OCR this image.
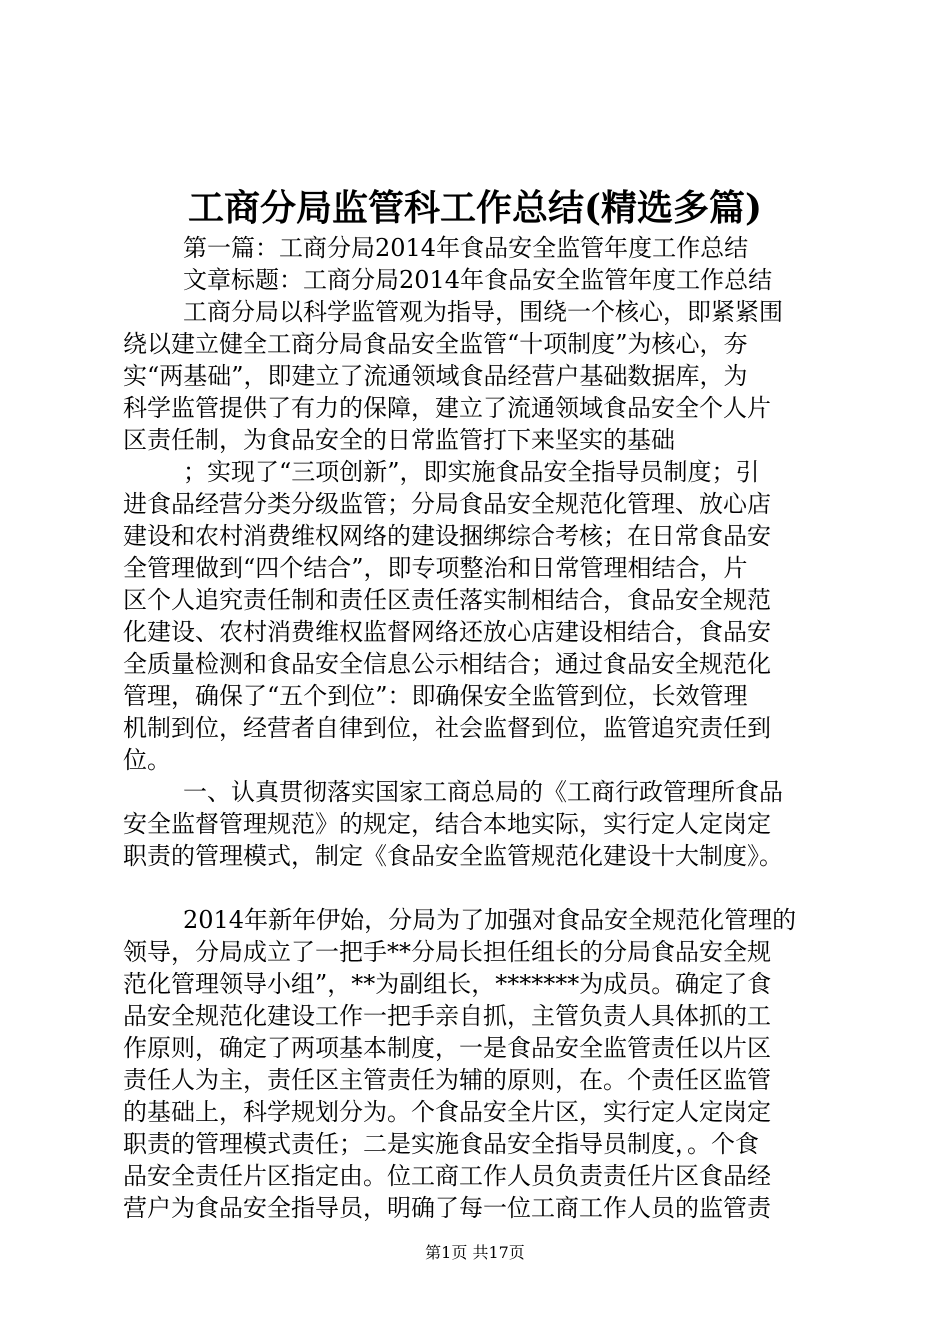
工商分局监管科工作总结(精选多篇)
第一篇：工商分局2014年食品安全监管年度工作总结
文章标题：工商分局2014年食品安全监管年度工作总结
工商分局以科学监管观为指导，围绕一个核心，即紧紧围
绕以建立健全工商分局食品安全监管“十项制度”为核心，夯
实“两基础”，即建立了流通领域食品经营户基础数据库，为
科学监管提供了有力的保障，建立了流通领域食品安全个人片
区责任制，为食品安全的日常监管打下来坚实的基础
；实现了“三项创新”，即实施食品安全指导员制度；引
进食品经营分类分级监管；分局食品安全规范化管理、放心店
建设和农村消费维权网络的建设捆绑综合考核；在日常食品安
全管理做到“四个结合”，即专项整治和日常管理相结合，片
区个人追究责任制和责任区责任落实制相结合，食品安全规范
化建设、农村消费维权监督网络还放心店建设相结合，食品安
全质量检测和食品安全信息公示相结合；通过食品安全规范化
管理，确保了“五个到位”：即确保安全监管到位，长效管理
机制到位，经营者自律到位，社会监督到位，监管追究责任到
位。
一、认真贯彻落实国家工商总局的《工商行政管理所食品
安全监督管理规范》的规定，结合本地实际，实行定人定岗定
职责的管理模式，制定《食品安全监管规范化建设十大制度》。
2014年新年伊始，分局为了加强对食品安全规范化管理的
领导，分局成立了一把手**分局长担任组长的分局食品安全规
范化管理领导小组”，**为副组长，*******为成员。确定了食
品安全规范化建设工作一把手亲自抓，主管负责人具体抓的工
作原则，确定了两项基本制度，一是食品安全监管责任以片区
责任人为主，责任区主管责任为辅的原则，在。个责任区监管
的基础上，科学规划分为。个食品安全片区，实行定人定岗定
职责的管理模式责任；二是实施食品安全指导员制度，。个食
品安全责任片区指定由。位工商工作人员负责责任片区食品经
营户为食品安全指导员，明确了每一位工商工作人员的监管责
第1页 共17页
